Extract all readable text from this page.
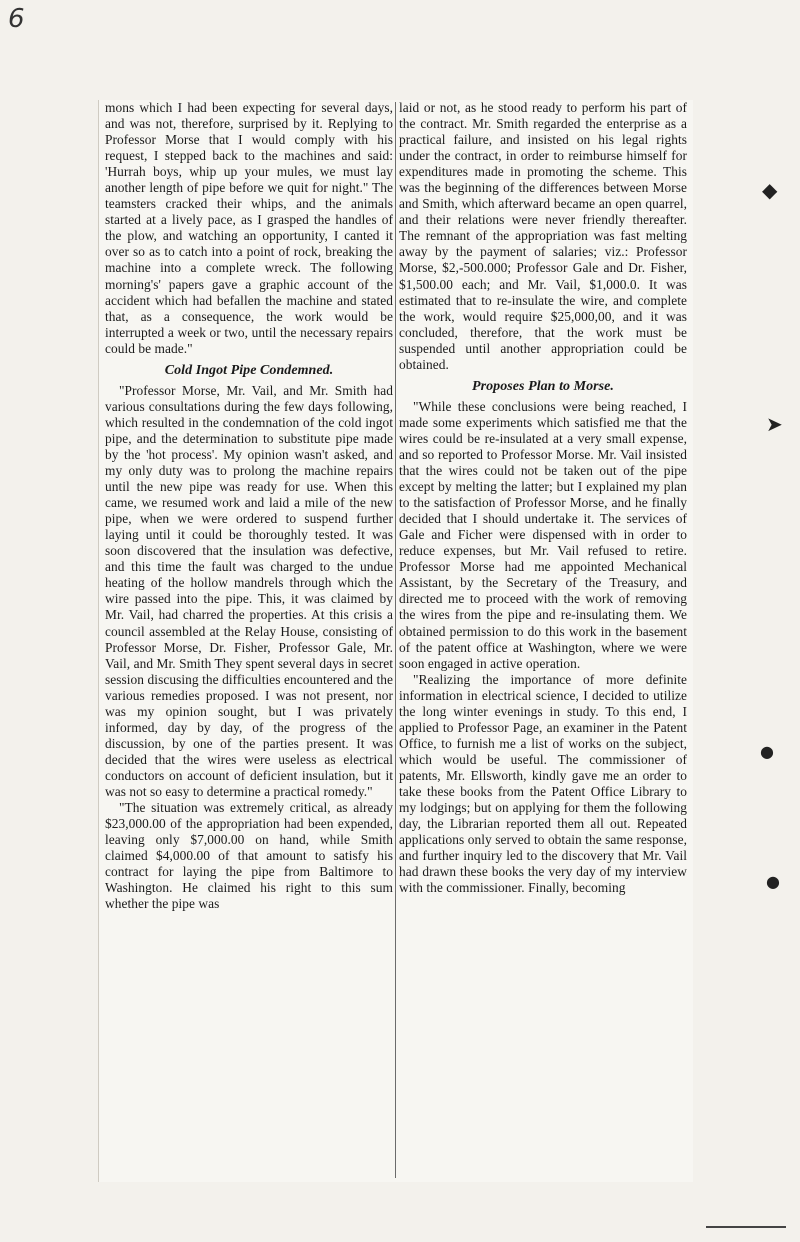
6

mons which I had been expecting for several days, and was not, therefore, surprised by it. Replying to Professor Morse that I would comply with his request, I stepped back to the machines and said: 'Hurrah boys, whip up your mules, we must lay another length of pipe before we quit for night." The teamsters cracked their whips, and the animals started at a lively pace, as I grasped the handles of the plow, and watching an opportunity, I canted it over so as to catch into a point of rock, breaking the machine into a complete wreck. The following morning's' papers gave a graphic account of the accident which had befallen the machine and stated that, as a consequence, the work would be interrupted a week or two, until the necessary repairs could be made."

Cold Ingot Pipe Condemned.

"Professor Morse, Mr. Vail, and Mr. Smith had various consultations during the few days following, which resulted in the condemnation of the cold ingot pipe, and the determination to substitute pipe made by the 'hot process'. My opinion wasn't asked, and my only duty was to prolong the machine repairs until the new pipe was ready for use. When this came, we resumed work and laid a mile of the new pipe, when we were ordered to suspend further laying until it could be thoroughly tested. It was soon discovered that the insulation was defective, and this time the fault was charged to the undue heating of the hollow mandrels through which the wire passed into the pipe. This, it was claimed by Mr. Vail, had charred the properties. At this crisis a council assembled at the Relay House, consisting of Professor Morse, Dr. Fisher, Professor Gale, Mr. Vail, and Mr. Smith They spent several days in secret session discusing the difficulties encountered and the various remedies proposed. I was not present, nor was my opinion sought, but I was privately informed, day by day, of the progress of the discussion, by one of the parties present. It was decided that the wires were useless as electrical conductors on account of deficient insulation, but it was not so easy to determine a practical romedy."

"The situation was extremely critical, as already $23,000.00 of the appropriation had been expended, leaving only $7,000.00 on hand, while Smith claimed $4,000.00 of that amount to satisfy his contract for laying the pipe from Baltimore to Washington. He claimed his right to this sum whether the pipe was

laid or not, as he stood ready to perform his part of the contract. Mr. Smith regarded the enterprise as a practical failure, and insisted on his legal rights under the contract, in order to reimburse himself for expenditures made in promoting the scheme. This was the beginning of the differences between Morse and Smith, which afterward became an open quarrel, and their relations were never friendly thereafter. The remnant of the appropriation was fast melting away by the payment of salaries; viz.: Professor Morse, $2,-500.000; Professor Gale and Dr. Fisher, $1,500.00 each; and Mr. Vail, $1,000.0. It was estimated that to re-insulate the wire, and complete the work, would require $25,000,00, and it was concluded, therefore, that the work must be suspended until another appropriation could be obtained.

Proposes Plan to Morse.

"While these conclusions were being reached, I made some experiments which satisfied me that the wires could be re-insulated at a very small expense, and so reported to Professor Morse. Mr. Vail insisted that the wires could not be taken out of the pipe except by melting the latter; but I explained my plan to the satisfaction of Professor Morse, and he finally decided that I should undertake it. The services of Gale and Ficher were dispensed with in order to reduce expenses, but Mr. Vail refused to retire. Professor Morse had me appointed Mechanical Assistant, by the Secretary of the Treasury, and directed me to proceed with the work of removing the wires from the pipe and re-insulating them. We obtained permission to do this work in the basement of the patent office at Washington, where we were soon engaged in active operation.

"Realizing the importance of more definite information in electrical science, I decided to utilize the long winter evenings in study. To this end, I applied to Professor Page, an examiner in the Patent Office, to furnish me a list of works on the subject, which would be useful. The commissioner of patents, Mr. Ellsworth, kindly gave me an order to take these books from the Patent Office Library to my lodgings; but on applying for them the following day, the Librarian reported them all out. Repeated applications only served to obtain the same response, and further inquiry led to the discovery that Mr. Vail had drawn these books the very day of my interview with the commissioner. Finally, becoming

◆
➤
●
●
